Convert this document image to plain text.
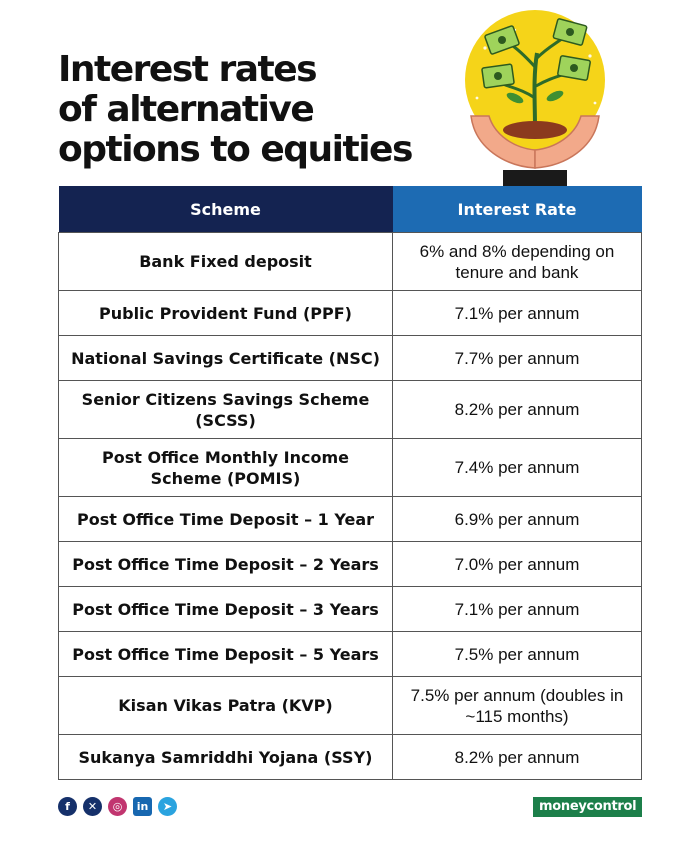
Interest rates
of alternative
options to equities
Scheme	Interest Rate
Bank Fixed deposit	6% and 8% depending on tenure and bank
Public Provident Fund (PPF)	7.1% per annum
National Savings Certificate (NSC)	7.7% per annum
Senior Citizens Savings Scheme (SCSS)	8.2% per annum
Post Office Monthly Income Scheme (POMIS)	7.4% per annum
Post Office Time Deposit – 1 Year	6.9% per annum
Post Office Time Deposit – 2 Years	7.0% per annum
Post Office Time Deposit – 3 Years	7.1% per annum
Post Office Time Deposit – 5 Years	7.5% per annum
Kisan Vikas Patra (KVP)	7.5% per annum (doubles in ~115 months)
Sukanya Samriddhi Yojana (SSY)	8.2% per annum
f	✕	◎	in	➤	moneycontrol
